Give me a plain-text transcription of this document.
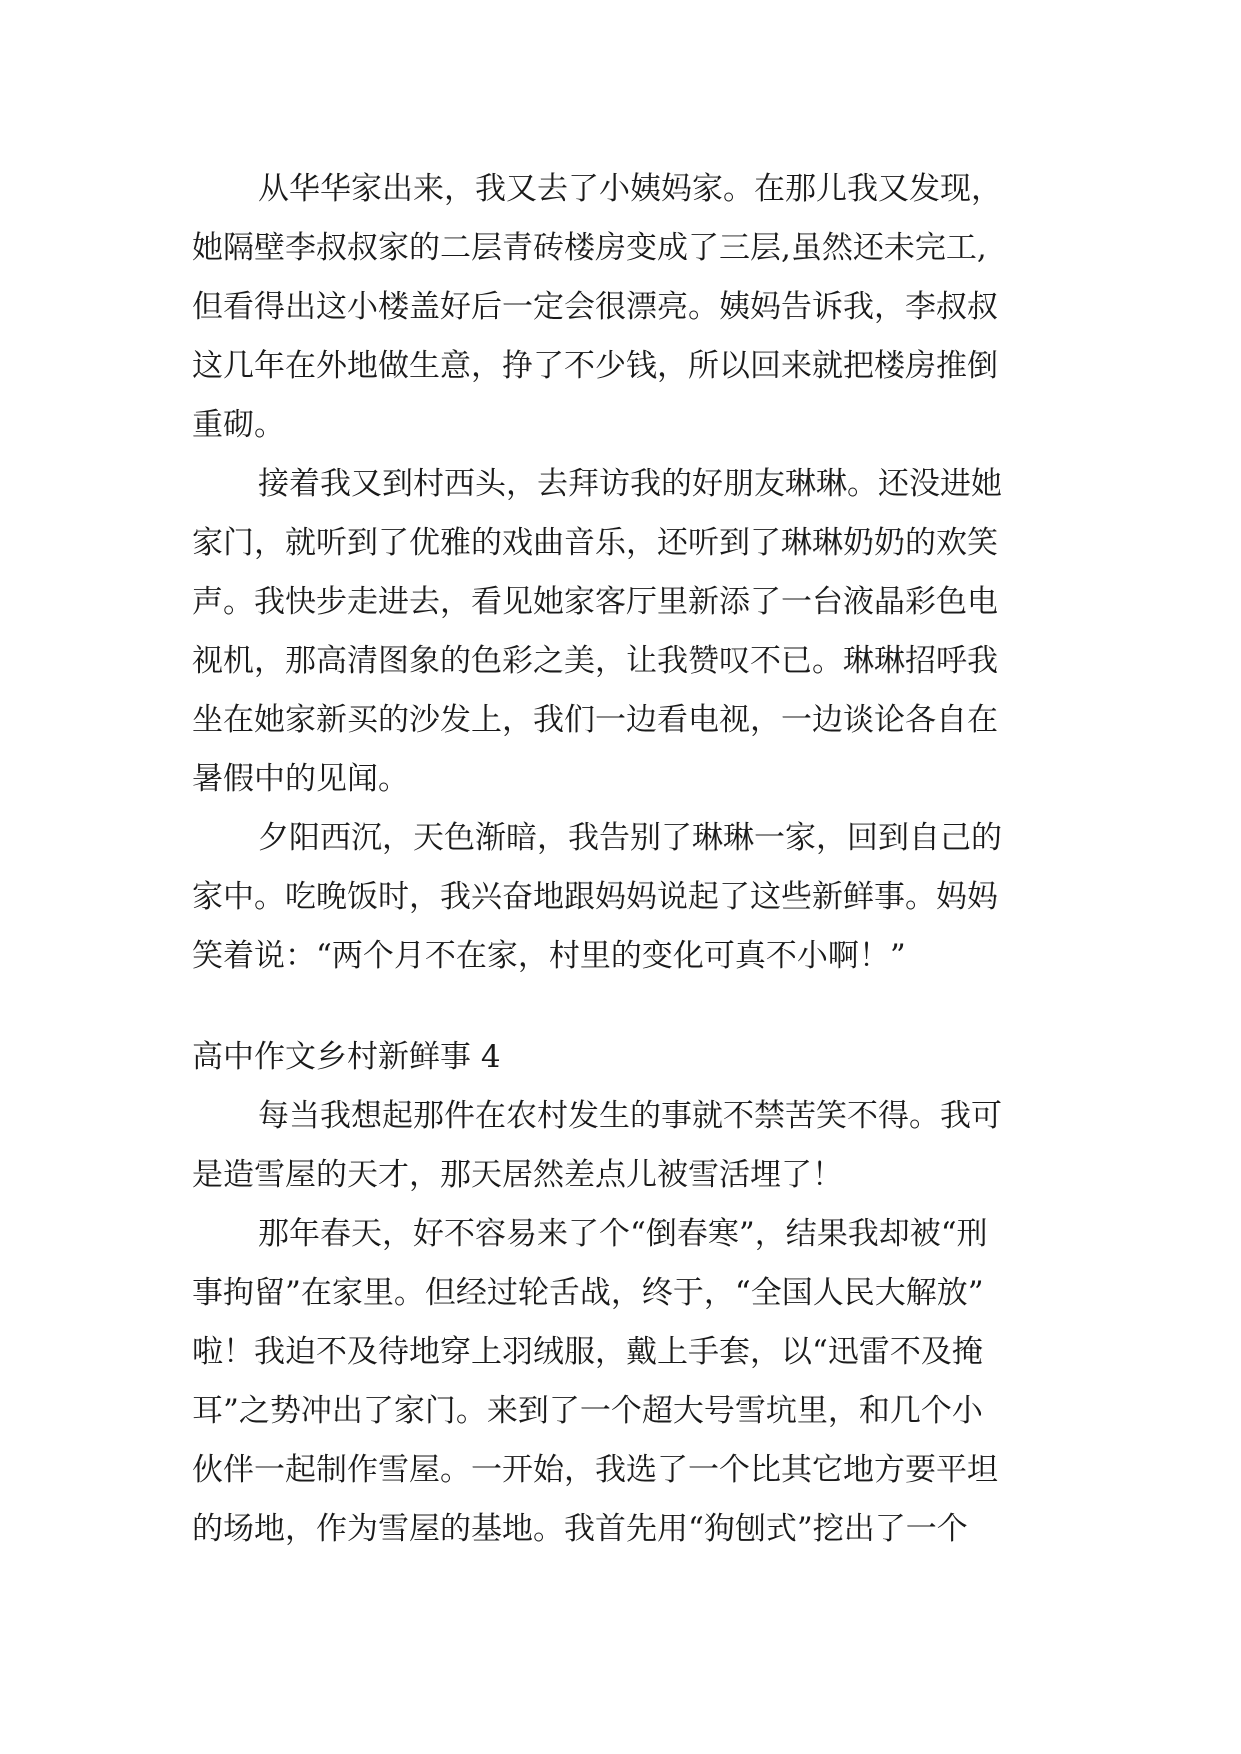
从华华家出来，我又去了小姨妈家。在那儿我又发现，

她隔壁李叔叔家的二层青砖楼房变成了三层,虽然还未完工,

但看得出这小楼盖好后一定会很漂亮。姨妈告诉我，李叔叔

这几年在外地做生意，挣了不少钱，所以回来就把楼房推倒

重砌。

接着我又到村西头，去拜访我的好朋友琳琳。还没进她

家门，就听到了优雅的戏曲音乐，还听到了琳琳奶奶的欢笑

声。我快步走进去，看见她家客厅里新添了一台液晶彩色电

视机，那高清图象的色彩之美，让我赞叹不已。琳琳招呼我

坐在她家新买的沙发上，我们一边看电视，一边谈论各自在

暑假中的见闻。

夕阳西沉，天色渐暗，我告别了琳琳一家，回到自己的

家中。吃晚饭时，我兴奋地跟妈妈说起了这些新鲜事。妈妈

笑着说：“两个月不在家，村里的变化可真不小啊！”

高中作文乡村新鲜事 4

每当我想起那件在农村发生的事就不禁苦笑不得。我可

是造雪屋的天才，那天居然差点儿被雪活埋了！

那年春天，好不容易来了个“倒春寒”，结果我却被“刑

事拘留”在家里。但经过轮舌战，终于，“全国人民大解放”

啦！我迫不及待地穿上羽绒服，戴上手套，以“迅雷不及掩

耳”之势冲出了家门。来到了一个超大号雪坑里，和几个小

伙伴一起制作雪屋。一开始，我选了一个比其它地方要平坦

的场地，作为雪屋的基地。我首先用“狗刨式”挖出了一个
